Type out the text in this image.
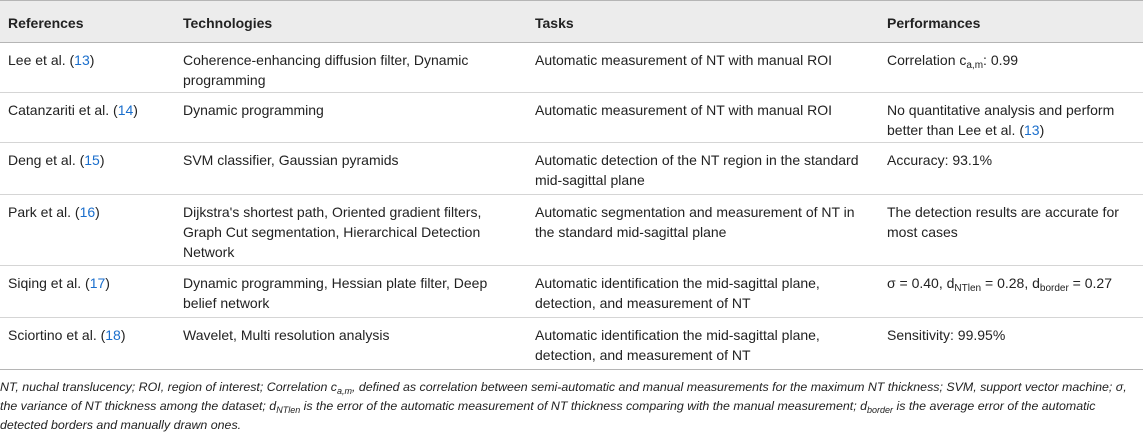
References	Technologies	Tasks	Performances
Lee et al. (13)	Coherence-enhancing diffusion filter, Dynamic programming	Automatic measurement of NT with manual ROI	Correlation $c_{a,m}$: 0.99
Catanzariti et al. (14)	Dynamic programming	Automatic measurement of NT with manual ROI	No quantitative analysis and perform better than Lee et al. (13)
Deng et al. (15)	SVM classifier, Gaussian pyramids	Automatic detection of the NT region in the standard mid-sagittal plane	Accuracy: 93.1%
Park et al. (16)	Dijkstra's shortest path, Oriented gradient filters, Graph Cut segmentation, Hierarchical Detection Network	Automatic segmentation and measurement of NT in the standard mid-sagittal plane	The detection results are accurate for most cases
Siqing et al. (17)	Dynamic programming, Hessian plate filter, Deep belief network	Automatic identification the mid-sagittal plane, detection, and measurement of NT	σ = 0.40, $d_{NTlen} = 0.28$, $d_{border} = 0.27$
Sciortino et al. (18)	Wavelet, Multi resolution analysis	Automatic identification the mid-sagittal plane, detection, and measurement of NT	Sensitivity: 99.95%

NT, nuchal translucency; ROI, region of interest; Correlation $c_{a,m}$, defined as correlation between semi-automatic and manual measurements for the maximum NT thickness; SVM, support vector machine; σ, the variance of NT thickness among the dataset; $d_{NTlen}$ is the error of the automatic measurement of NT thickness comparing with the manual measurement; $d_{border}$ is the average error of the automatic detected borders and manually drawn ones.
